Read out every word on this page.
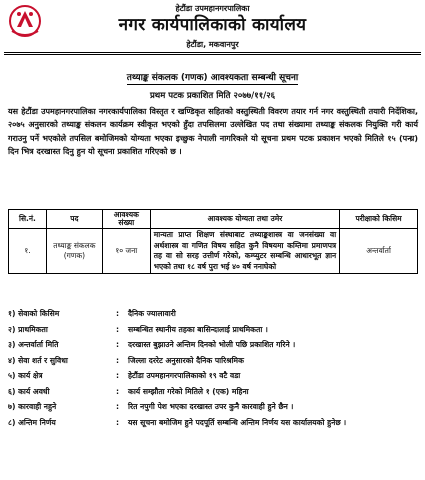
हेटौंडा उपमहानगरपालिका
नगर कार्यपालिकाको कार्यालय
हेटौंडा, मकवानपुर
तथ्याङ्क संकलक (गणक) आवश्यकता सम्बन्धी सूचना
प्रथम पटक प्रकाशित मिति २०७७/११/२६
यस हेटौंडा उपमहानगरपालिका नगरकार्यपालिका विस्तृत र खण्डिकृत सहितको वस्तुस्थिती विवरण तयार गर्न नगर वस्तुस्थिती तयारी निर्देशिका, २०७५ अनुसारको तथ्याङ्क संकलन कार्यक्रम स्वीकृत भएको हुँदा तपसिलमा उल्लेखित पद तथा संख्यामा तथ्याङ्क संकलक नियुक्ति गरी कार्य गराउनु पर्ने भएकोले तपसिल बमोजिमको योग्यता भएका इच्छुक नेपाली नागरिकले यो सूचना प्रथम पटक प्रकाशन भएको मितिले १५ (पन्ध्र) दिन भित्र दरखास्त दिनु हुन यो सूचना प्रकाशित गरिएको छ ।
सि.नं.	पद	आवश्यक संख्या	आवश्यक योग्यता तथा उमेर	परीक्षाको किसिम
१.	तथ्याङ्क संकलक (गणक)	१० जना	मान्यता प्राप्त शिक्षण संस्थाबाट तथ्याङ्कशास्त्र वा जनसंख्या वा अर्थशास्त्र वा गणित विषय सहित कुनै विषयमा कम्तिमा प्रमाणपत्र तह वा सो सरह उत्तीर्ण गरेको, कम्प्युटर सम्बन्धि आधारभूत ज्ञान भएको तथा १८ वर्ष पुरा भई ४० वर्ष ननाघेको	अन्तर्वार्ता
१) सेवाको किसिम	:	दैनिक ज्यालावारी
२) प्राथमिकता	:	सम्बन्धित स्थानीय तहका बासिन्दालाई प्राथमिकता ।
३) अन्तर्वार्ता मिति	:	दरखास्त बुझाउने अन्तिम दिनको भोली पछि प्रकाशित गरिने ।
४) सेवा शर्त र सुविधा	:	जिल्ला दररेट अनुसारको दैनिक पारिश्रमिक
५) कार्य क्षेत्र	:	हेटौंडा उपमहानगरपालिकाको १९ वटै वडा
६) कार्य अवधी	:	कार्य सम्झौता गरेको मितिले १ (एक) महिना
७) कारवाही नहुने	:	रित नपुगी पेश भएका दरखास्त उपर कुनै कारवाही हुने छैन ।
८) अन्तिम निर्णय	:	यस सूचना बमोजिम हुने पदपूर्ति सम्बन्धि अन्तिम निर्णय यस कार्यालयको हुनेछ ।
